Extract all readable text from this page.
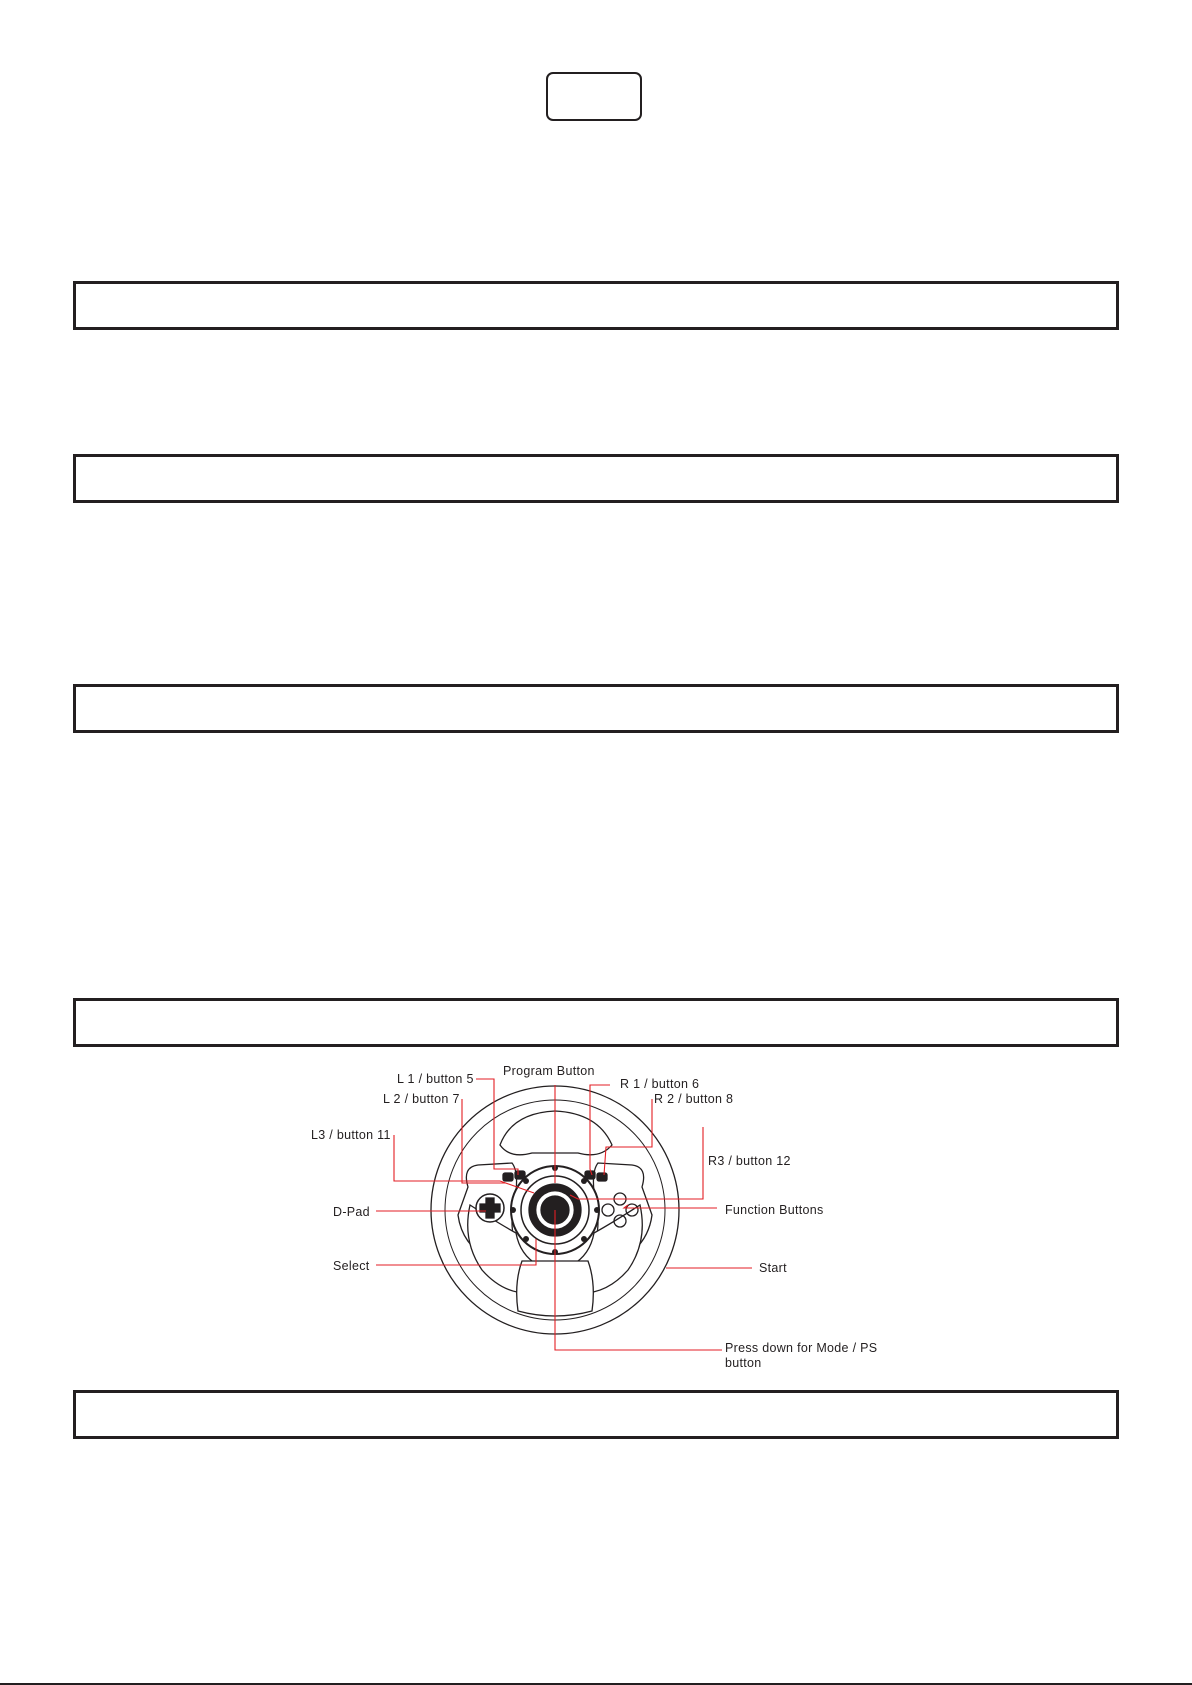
L 1 / button 5
Program Button
R 1 / button 6
L 2 / button 7	R 2 / button 8
L3 / button 11
R3 / button 12
D-Pad	Function Buttons
Select	Start
Press down for Mode / PS
button
